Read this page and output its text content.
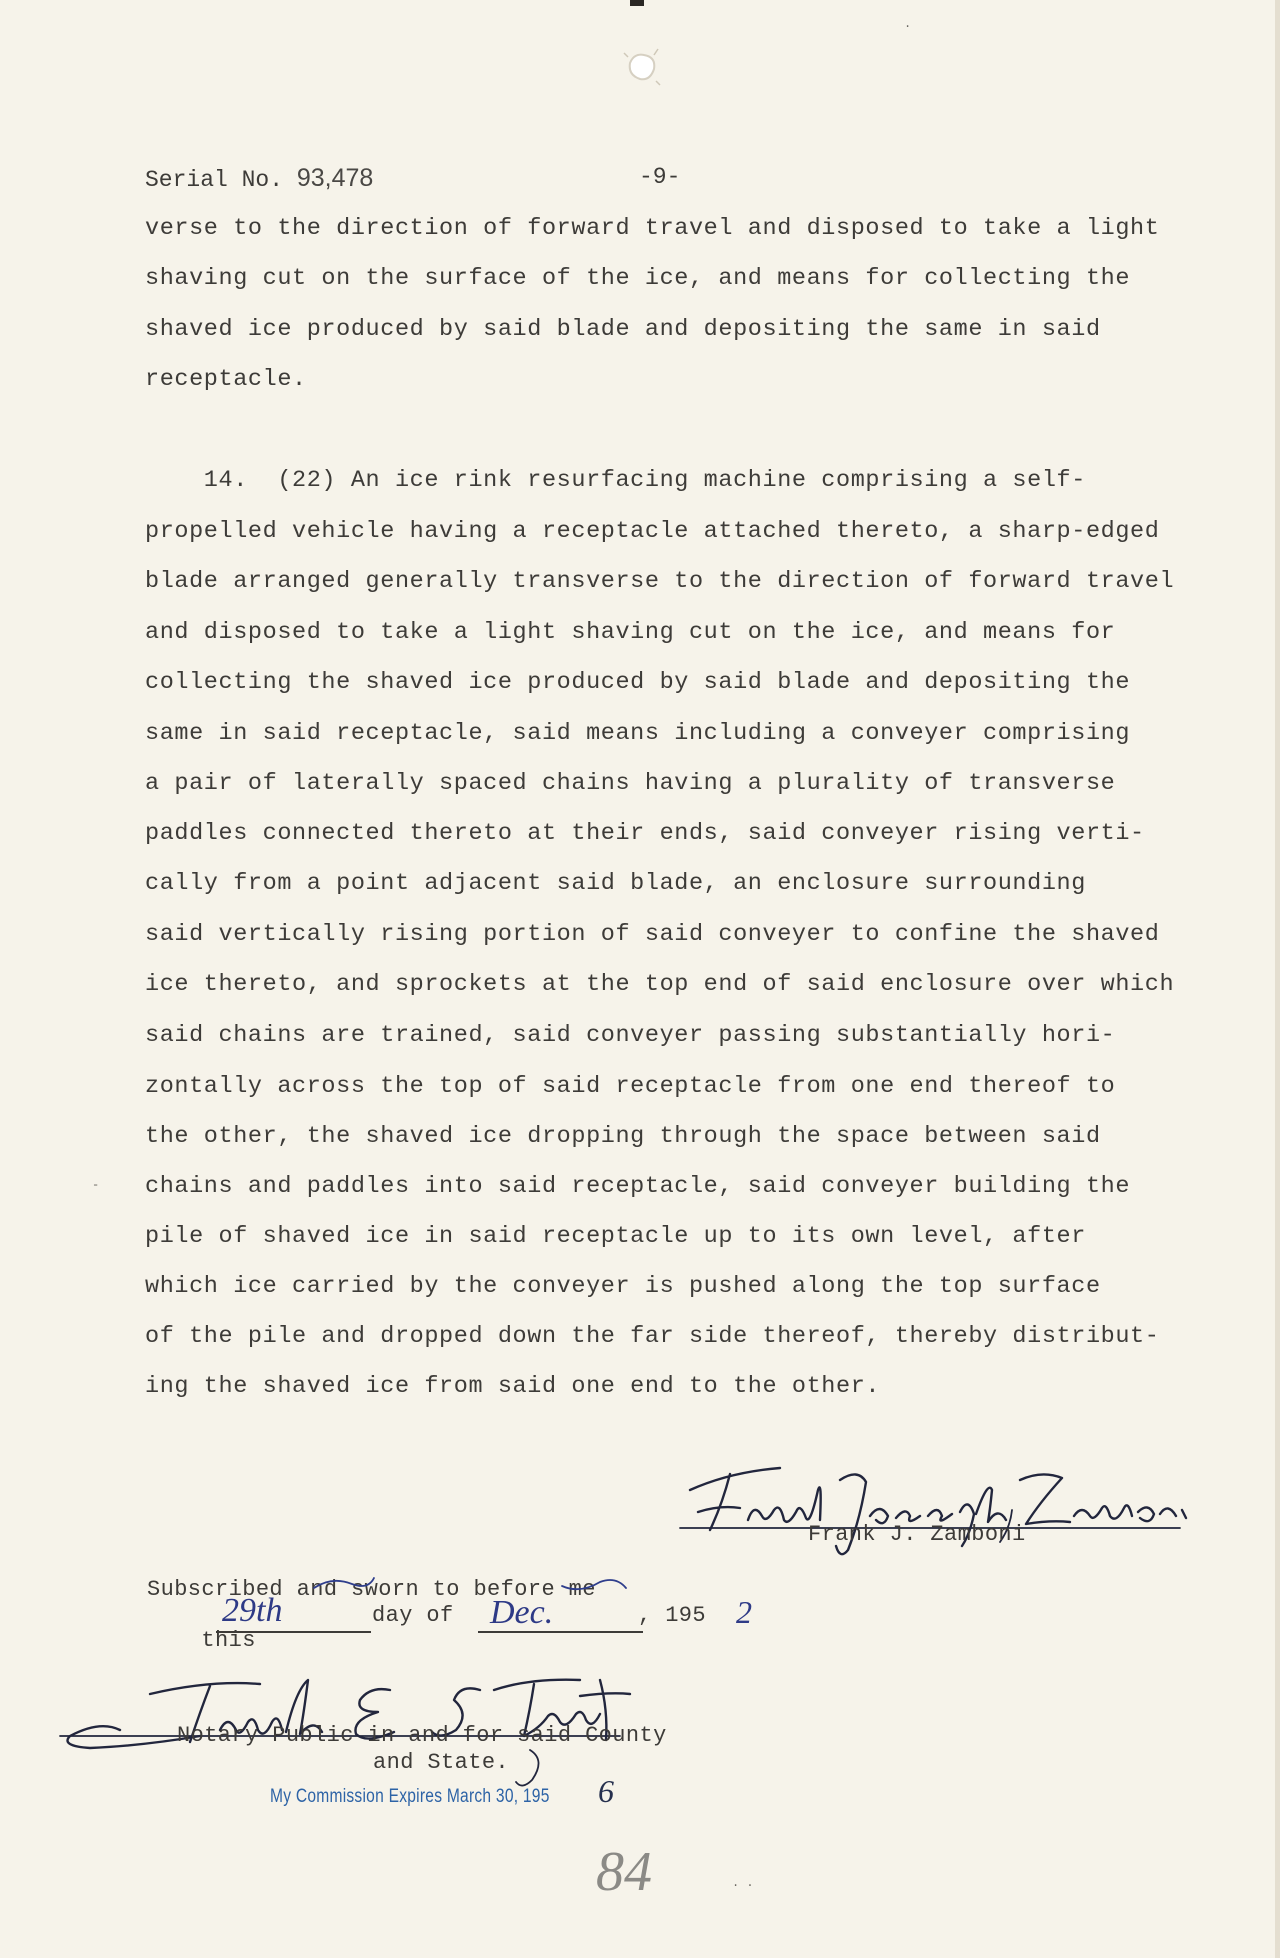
Serial No. 93,478	-9-
verse to the direction of forward travel and disposed to take a light
shaving cut on the surface of the ice, and means for collecting the
shaved ice produced by said blade and depositing the same in said
receptacle.
14.  (22) An ice rink resurfacing machine comprising a self-
propelled vehicle having a receptacle attached thereto, a sharp-edged
blade arranged generally transverse to the direction of forward travel
and disposed to take a light shaving cut on the ice, and means for
collecting the shaved ice produced by said blade and depositing the
same in said receptacle, said means including a conveyer comprising
a pair of laterally spaced chains having a plurality of transverse
paddles connected thereto at their ends, said conveyer rising verti-
cally from a point adjacent said blade, an enclosure surrounding
said vertically rising portion of said conveyer to confine the shaved
ice thereto, and sprockets at the top end of said enclosure over which
said chains are trained, said conveyer passing substantially hori-
zontally across the top of said receptacle from one end thereof to
the other, the shaved ice dropping through the space between said
chains and paddles into said receptacle, said conveyer building the
pile of shaved ice in said receptacle up to its own level, after
which ice carried by the conveyer is pushed along the top surface
of the pile and dropped down the far side thereof, thereby distribut-
ing the shaved ice from said one end to the other.
Frank J. Zamboni
Subscribed and sworn to before me

this

29th	day of Dec.	, 195 2
Notary Public in and for said County
and State.
My Commission Expires March 30, 195 6
84	. .
-
.
